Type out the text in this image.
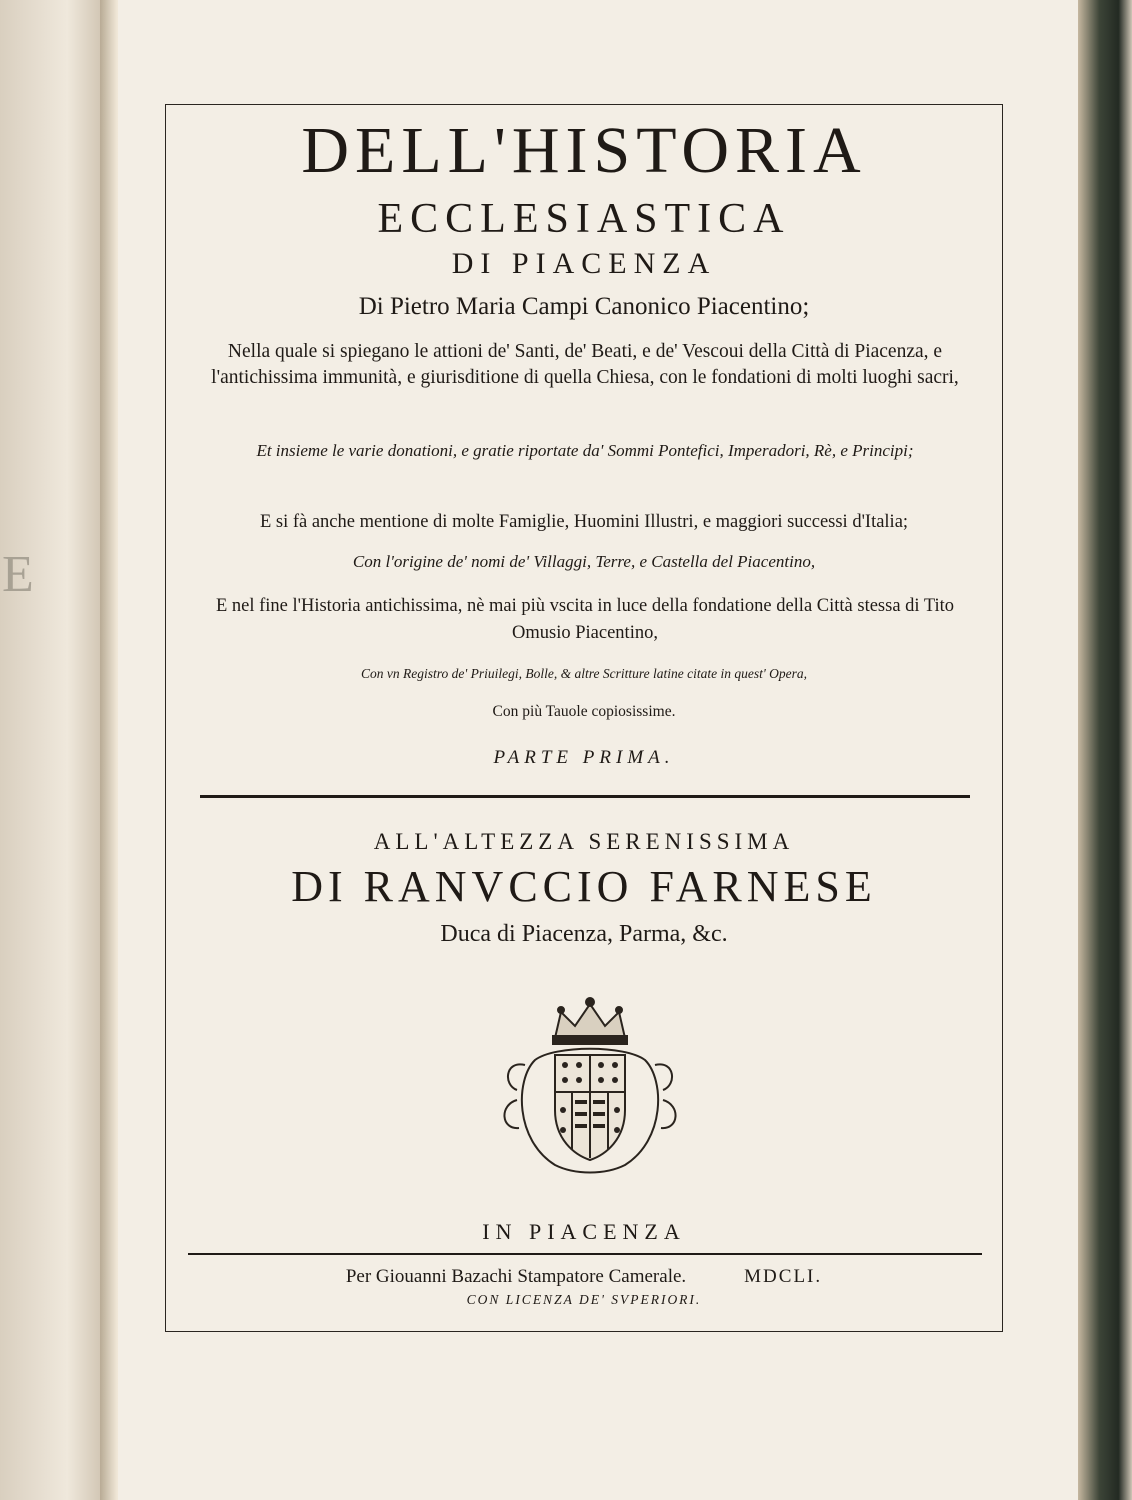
E
DELL'HISTORIA
ECCLESIASTICA
DI PIACENZA
Di Pietro Maria Campi Canonico Piacentino;
Nella quale si spiegano le attioni de' Santi, de' Beati, e de' Vescoui della Città di Piacenza, e l'antichissima immunità, e giurisditione di quella Chiesa, con le fondationi di molti luoghi sacri,
Et insieme le varie donationi, e gratie riportate da' Sommi Pontefici, Imperadori, Rè, e Principi;
E si fà anche mentione di molte Famiglie, Huomini Illustri, e maggiori successi d'Italia;
Con l'origine de' nomi de' Villaggi, Terre, e Castella del Piacentino,
E nel fine l'Historia antichissima, nè mai più vscita in luce della fondatione della Città stessa di Tito Omusio Piacentino,
Con vn Registro de' Priuilegi, Bolle, & altre Scritture latine citate in quest' Opera,
Con più Tauole copiosissime.
PARTE PRIMA.
ALL'ALTEZZA SERENISSIMA
DI RANVCCIO FARNESE
Duca di Piacenza, Parma, &c.
IN PIACENZA
Per Giouanni Bazachi Stampatore Camerale.	MDCLI.
CON LICENZA DE' SVPERIORI.
